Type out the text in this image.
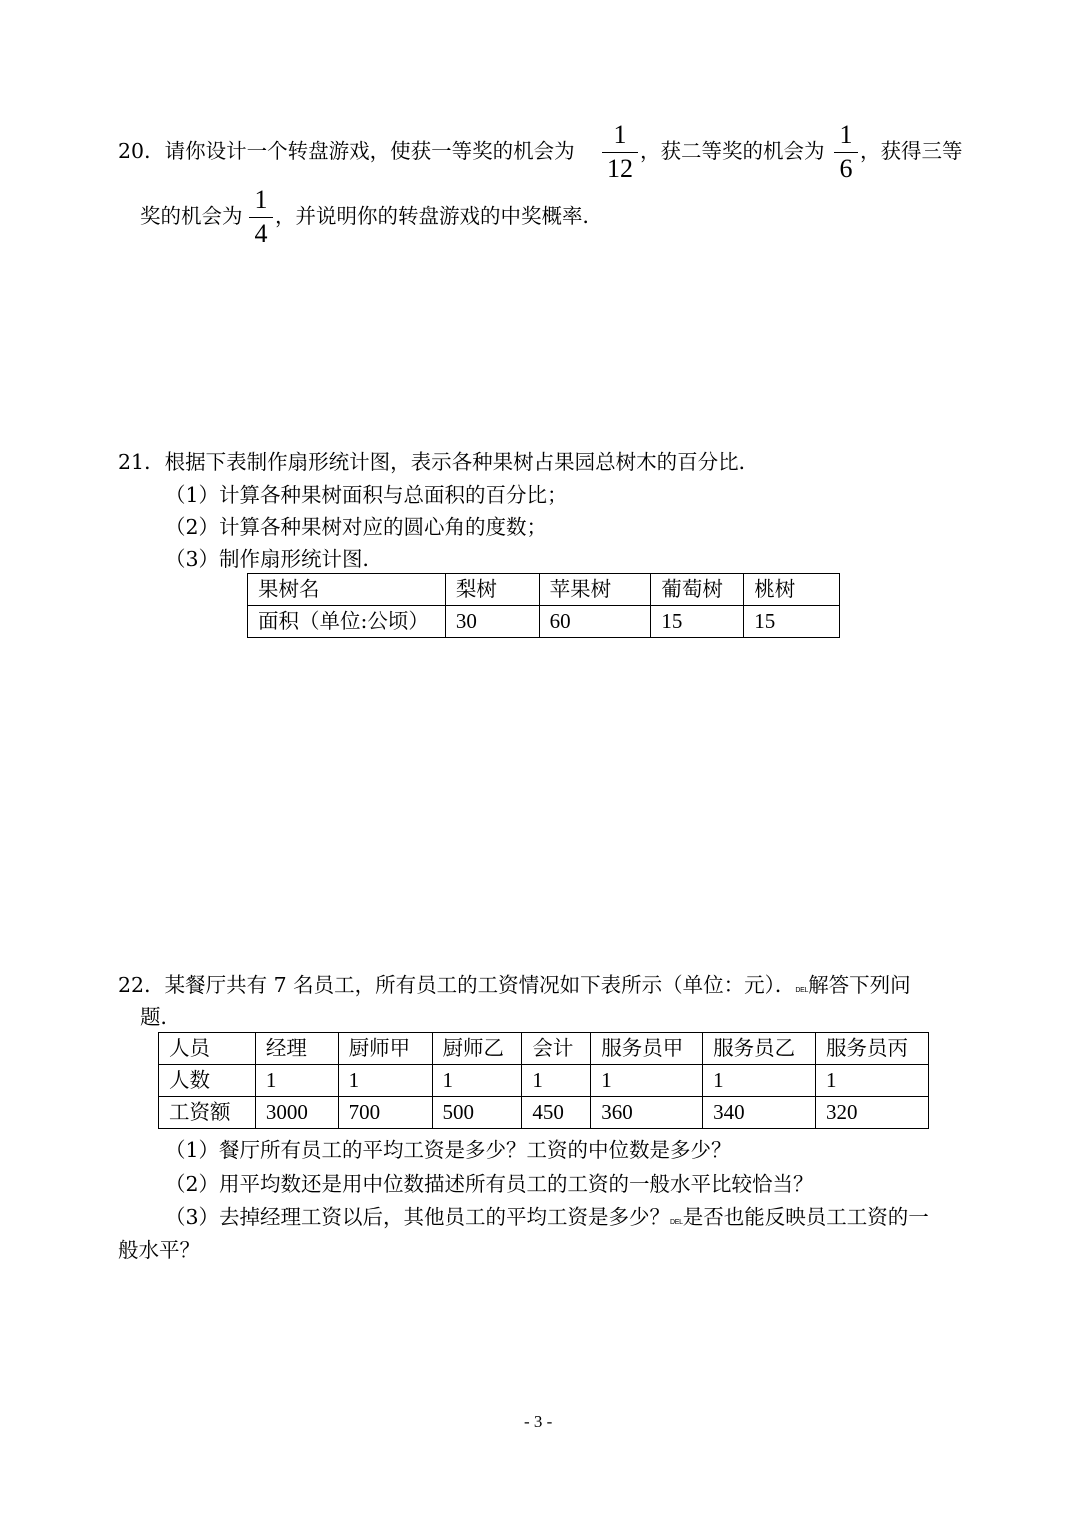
20．请你设计一个转盘游戏，使获一等奖的机会为
1
12
，获二等奖的机会为
1
6
，获得三等
奖的机会为
1
4
，并说明你的转盘游戏的中奖概率．
21．根据下表制作扇形统计图，表示各种果树占果园总树木的百分比．
（1）计算各种果树面积与总面积的百分比；
（2）计算各种果树对应的圆心角的度数；
（3）制作扇形统计图．
果树名	梨树	苹果树	葡萄树	桃树
面积（单位:公顷）	30	60	15	15
22．某餐厅共有 7 名员工，所有员工的工资情况如下表所示（单位：元）．DEL解答下列问
题．
人员	经理	厨师甲	厨师乙	会计	服务员甲	服务员乙	服务员丙
人数	1	1	1	1	1	1	1
工资额	3000	700	500	450	360	340	320
（1）餐厅所有员工的平均工资是多少？工资的中位数是多少？
（2）用平均数还是用中位数描述所有员工的工资的一般水平比较恰当？
（3）去掉经理工资以后，其他员工的平均工资是多少？DEL是否也能反映员工工资的一
般水平？
- 3 -
